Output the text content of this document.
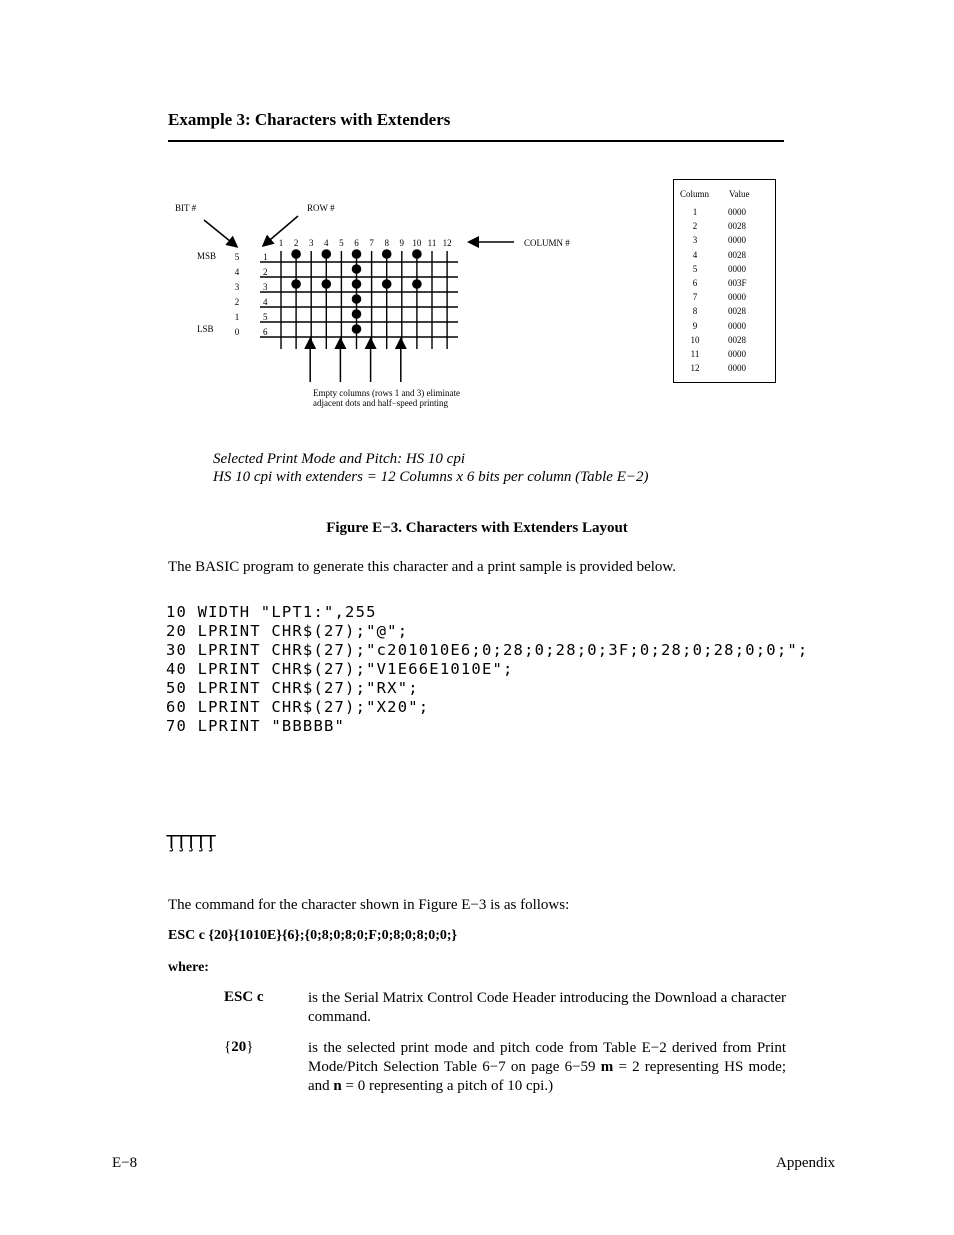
Example 3: Characters with Extenders
BIT #	ROW #
COLUMN #
MSB
LSB
1 2 3 4 5 6 7 8 9 10 11 12
5
4
3
2
1
0
1
2
3
4
5
6
Empty columns (rows 1 and 3) eliminate
adjacent dots and half−speed printing
Column Value
1	0000
2	0028
3	0000
4	0028
5	0000
6	003F
7	0000
8	0028
9	0000
10	0028
11	0000
12	0000
Selected Print Mode and Pitch: HS 10 cpi
HS 10 cpi with extenders = 12 Columns x 6 bits per column (Table E−2)
Figure E−3. Characters with Extenders Layout
The BASIC program to generate this character and a print sample is provided below.
10 WIDTH "LPT1:",255
20 LPRINT CHR$(27);"@";
30 LPRINT CHR$(27);"c201010E6;0;28;0;28;0;3F;0;28;0;28;0;0;";
40 LPRINT CHR$(27);"V1E66E1010E";
50 LPRINT CHR$(27);"RX";
60 LPRINT CHR$(27);"X20";
70 LPRINT "BBBBB"
ŢŢŢŢŢ
The command for the character shown in Figure E−3 is as follows:
ESC c {20}{1010E}{6};{0;8;0;8;0;F;0;8;0;8;0;0;}
where:
ESC c	is the Serial Matrix Control Code Header introducing the Download a character command.
{20}	is the selected print mode and pitch code from Table E−2 derived from Print Mode/Pitch Selection Table 6−7 on page 6−59 m = 2 representing HS mode; and n = 0 representing a pitch of 10 cpi.)
E−8	Appendix
